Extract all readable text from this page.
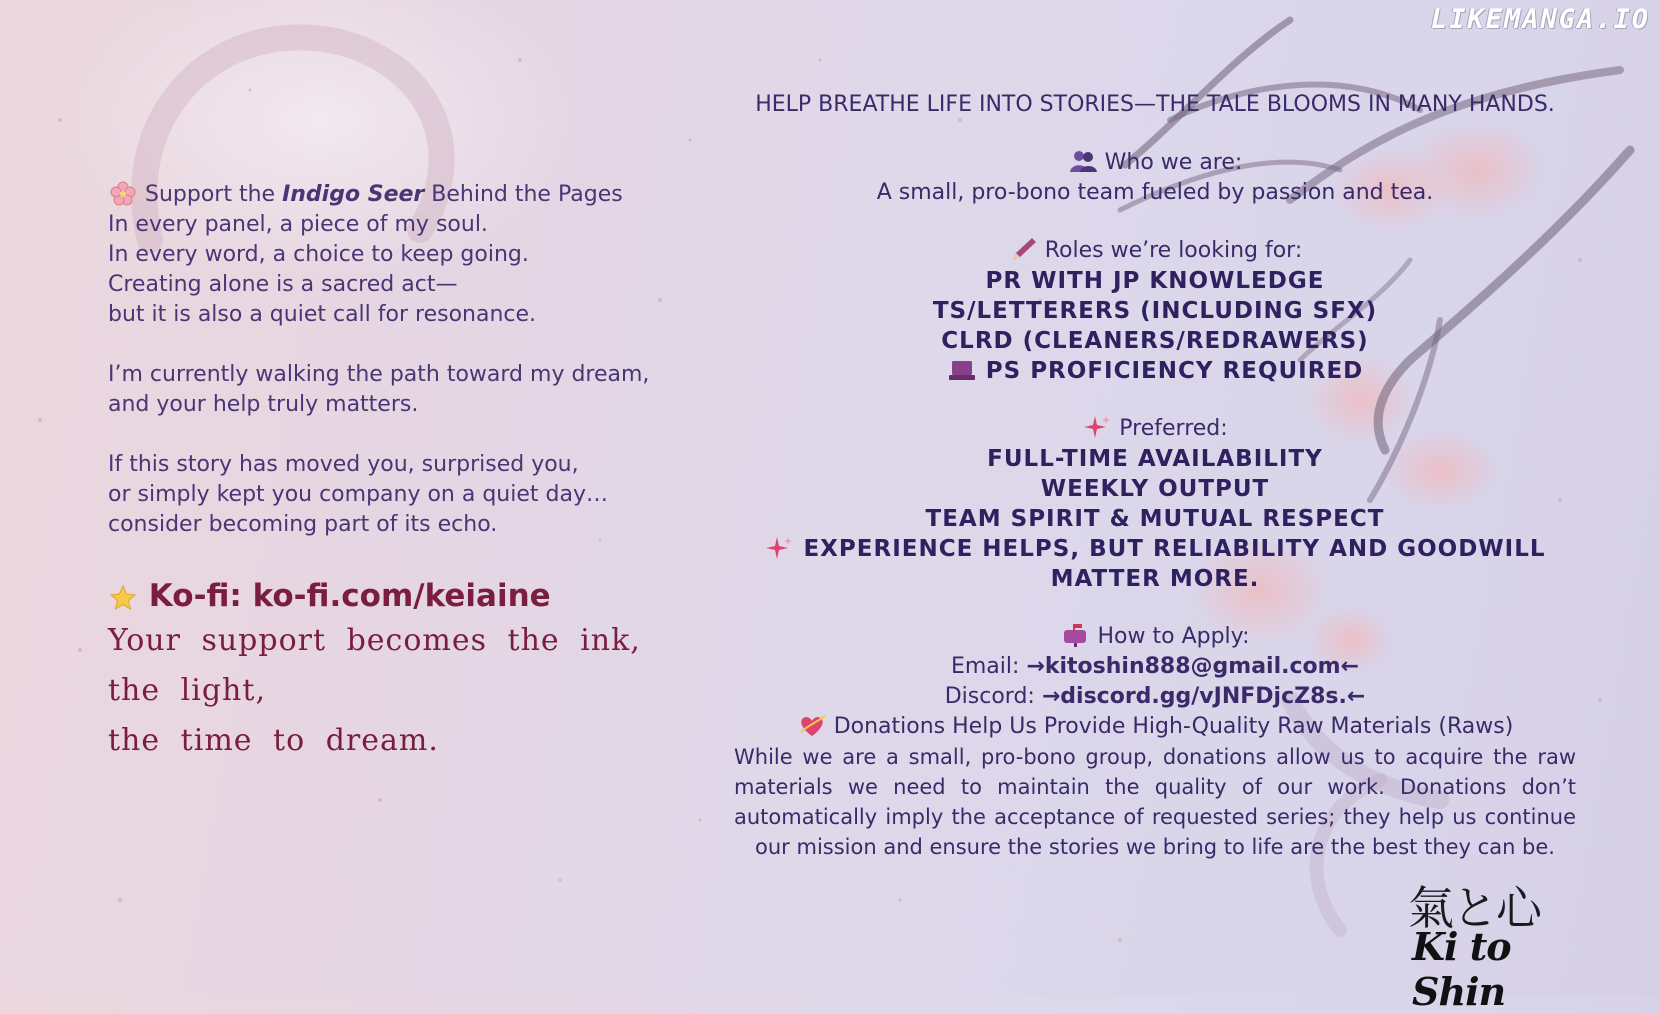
LIKEMANGA.IO
Support the Indigo Seer Behind the Pages
In every panel, a piece of my soul.
In every word, a choice to keep going.
Creating alone is a sacred act—
but it is also a quiet call for resonance.
I’m currently walking the path toward my dream,
and your help truly matters.
If this story has moved you, surprised you,
or simply kept you company on a quiet day…
consider becoming part of its echo.
Ko-fi: ko-fi.com/keiaine
Your support becomes the ink,
the light,
the time to dream.
HELP BREATHE LIFE INTO STORIES—THE TALE BLOOMS IN MANY HANDS.
Who we are:
A small, pro-bono team fueled by passion and tea.
Roles we’re looking for:
PR WITH JP KNOWLEDGE
TS/LETTERERS (INCLUDING SFX)
CLRD (CLEANERS/REDRAWERS)
PS PROFICIENCY REQUIRED
Preferred:
FULL-TIME AVAILABILITY
WEEKLY OUTPUT
TEAM SPIRIT & MUTUAL RESPECT
EXPERIENCE HELPS, BUT RELIABILITY AND GOODWILL MATTER MORE.
How to Apply:
Email: →kitoshin888@gmail.com←
Discord: →discord.gg/vJNFDjcZ8s.←
Donations Help Us Provide High-Quality Raw Materials (Raws)
While we are a small, pro-bono group, donations allow us to acquire the raw materials we need to maintain the quality of our work. Donations don’t automatically imply the acceptance of requested series; they help us continue our mission and ensure the stories we bring to life are the best they can be.
氣と心
Ki to Shin
